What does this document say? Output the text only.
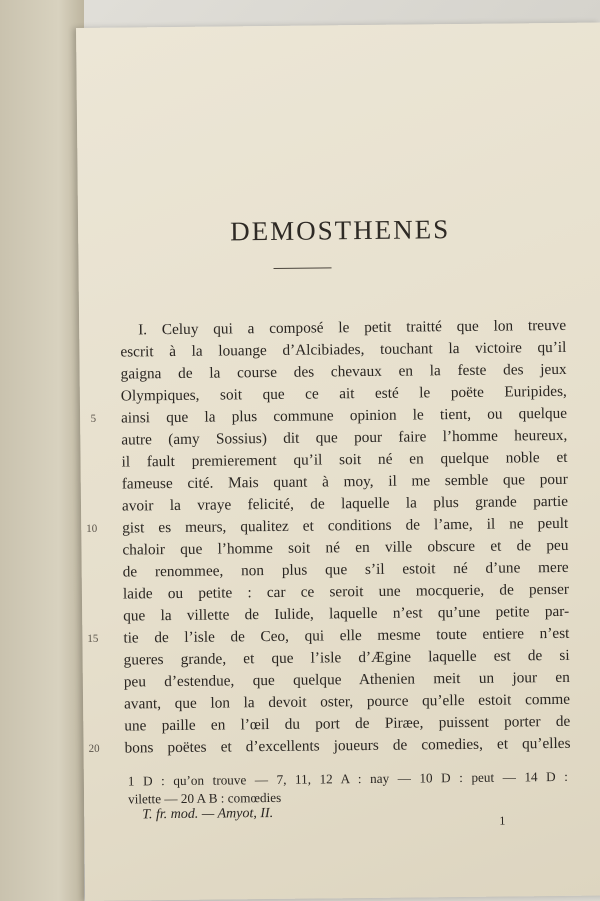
DEMOSTHENES
I. Celuy qui a composé le petit traitté que lon treuve
escrit à la louange d’Alcibiades, touchant la victoire qu’il
gaigna de la course des chevaux en la feste des jeux
Olympiques, soit que ce ait esté le poëte Euripides,
ainsi que la plus commune opinion le tient, ou quelque
autre (amy Sossius) dit que pour faire l’homme heureux,
il fault premierement qu’il soit né en quelque noble et
fameuse cité. Mais quant à moy, il me semble que pour
avoir la vraye felicité, de laquelle la plus grande partie
gist es meurs, qualitez et conditions de l’ame, il ne peult
chaloir que l’homme soit né en ville obscure et de peu
de renommee, non plus que s’il estoit né d’une mere
laide ou petite : car ce seroit une mocquerie, de penser
que la villette de Iulide, laquelle n’est qu’une petite par-
tie de l’isle de Ceo, qui elle mesme toute entiere n’est
gueres grande, et que l’isle d’Ægine laquelle est de si
peu d’estendue, que quelque Athenien meit un jour en
avant, que lon la devoit oster, pource qu’elle estoit comme
une paille en l’œil du port de Piræe, puissent porter de
bons poëtes et d’excellents joueurs de comedies, et qu’elles
5
10
15
20
1 D : qu’on trouve — 7, 11, 12 A : nay — 10 D : peut — 14 D :
vilette — 20 A B : comœdies
T. fr. mod. — Amyot, II.	1
